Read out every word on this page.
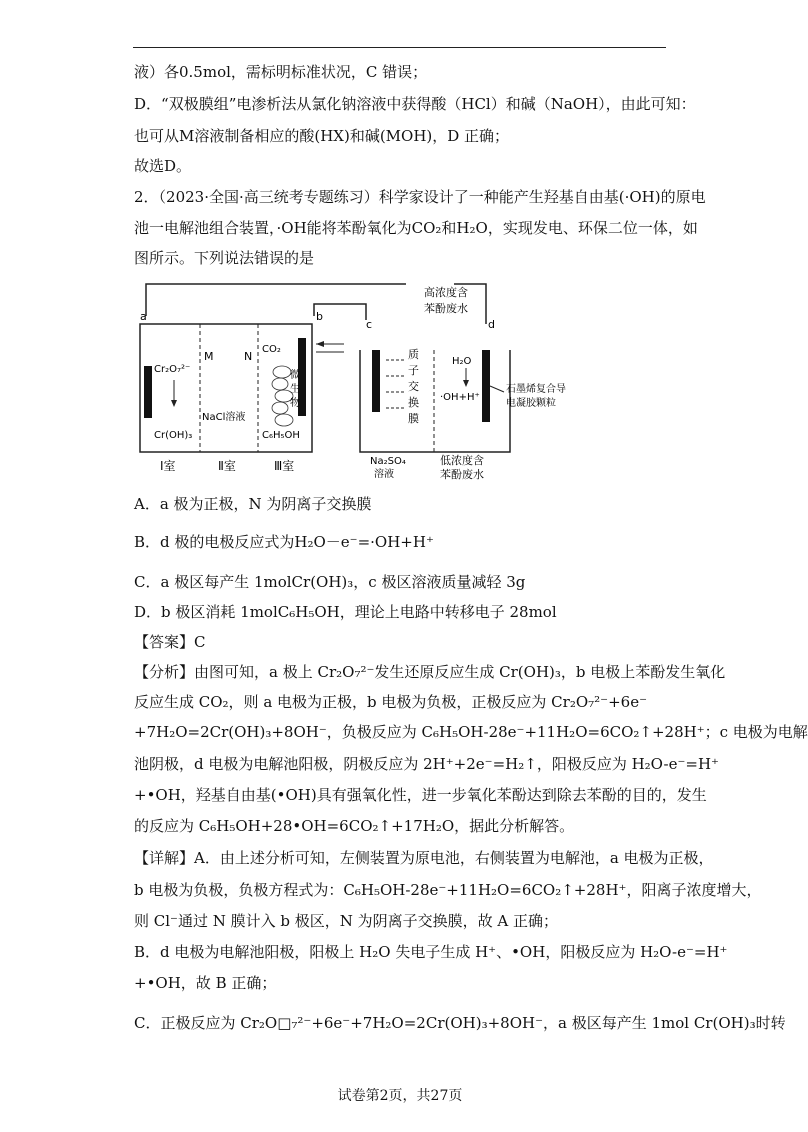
液）各0.5mol，需标明标准状况，C 错误；
D．“双极膜组”电渗析法从氯化钠溶液中获得酸（HCl）和碱（NaOH），由此可知：
也可从M溶液制备相应的酸(HX)和碱(MOH)，D 正确；
故选D。
2．（2023·全国·高三统考专题练习）科学家设计了一种能产生羟基自由基(·OH)的原电
池一电解池组合装置，·OH能将苯酚氧化为CO₂和H₂O，实现发电、环保二位一体，如
图所示。下列说法错误的是
a	b
c	d
M	N
Cr₂O₇²⁻
Cr(OH)₃
NaCl溶液
CO₂
微
生
物
C₆H₅OH
Ⅰ室	Ⅱ室	Ⅲ室
高浓度含
苯酚废水
质
子
交
换
膜
H₂O
·OH+H⁺
石墨烯复合导
电凝胶颗粒
Na₂SO₄
溶液
低浓度含
苯酚废水
A．a 极为正极，N 为阴离子交换膜
B．d 极的电极反应式为H₂O－e⁻=·OH+H⁺
C．a 极区每产生 1molCr(OH)₃，c 极区溶液质量减轻 3g
D．b 极区消耗 1molC₆H₅OH，理论上电路中转移电子 28mol
【答案】C
【分析】由图可知，a 极上 Cr₂O₇²⁻发生还原反应生成 Cr(OH)₃，b 电极上苯酚发生氧化
反应生成 CO₂，则 a 电极为正极，b 电极为负极，正极反应为 Cr₂O₇²⁻+6e⁻
+7H₂O=2Cr(OH)₃+8OH⁻，负极反应为 C₆H₅OH-28e⁻+11H₂O=6CO₂↑+28H⁺；c 电极为电解
池阴极，d 电极为电解池阳极，阴极反应为 2H⁺+2e⁻=H₂↑，阳极反应为 H₂O-e⁻=H⁺
+•OH，羟基自由基(•OH)具有强氧化性，进一步氧化苯酚达到除去苯酚的目的，发生
的反应为 C₆H₅OH+28•OH=6CO₂↑+17H₂O，据此分析解答。
【详解】A．由上述分析可知，左侧装置为原电池，右侧装置为电解池，a 电极为正极，
b 电极为负极，负极方程式为：C₆H₅OH-28e⁻+11H₂O=6CO₂↑+28H⁺，阳离子浓度增大，
则 Cl⁻通过 N 膜计入 b 极区，N 为阴离子交换膜，故 A 正确；
B．d 电极为电解池阳极，阳极上 H₂O 失电子生成 H⁺、•OH，阳极反应为 H₂O-e⁻=H⁺
+•OH，故 B 正确；
C．正极反应为 Cr₂O□₇²⁻+6e⁻+7H₂O=2Cr(OH)₃+8OH⁻，a 极区每产生 1mol Cr(OH)₃时转
试卷第2页，共27页
